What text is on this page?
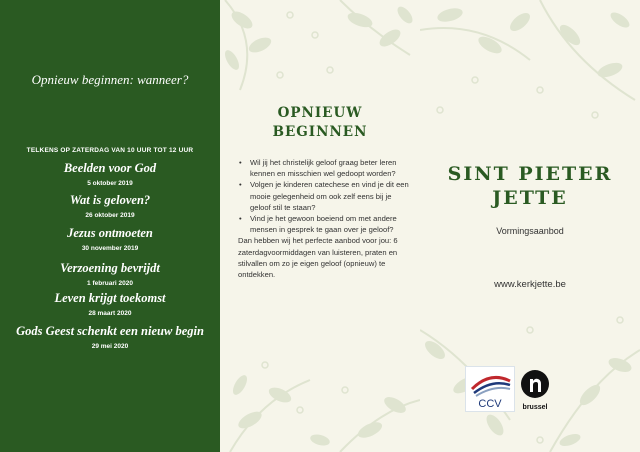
Opnieuw beginnen: wanneer?
TELKENS OP ZATERDAG VAN 10 UUR TOT 12 UUR
Beelden voor God
5 oktober 2019
Wat is geloven?
26 oktober 2019
Jezus ontmoeten
30 november 2019
Verzoening bevrijdt
1 februari 2020
Leven krijgt toekomst
28 maart 2020
Gods Geest schenkt een nieuw begin
29 mei 2020
OPNIEUW
BEGINNEN
• Wil jij het christelijk geloof graag beter leren kennen en misschien wel gedoopt worden?
• Volgen je kinderen catechese en vind je dit een mooie gelegenheid om ook zelf eens bij je geloof stil te staan?
• Vind je het gewoon boeiend om met andere mensen in gesprek te gaan over je geloof?

Dan hebben wij het perfecte aanbod voor jou: 6 zaterdagvoormiddagen van luisteren, praten en stilvallen om zo je eigen geloof (opnieuw) te ontdekken.

SINT PIETER
JETTE
Vormingsaanbod
www.kerkjette.be
CCV	brussel
